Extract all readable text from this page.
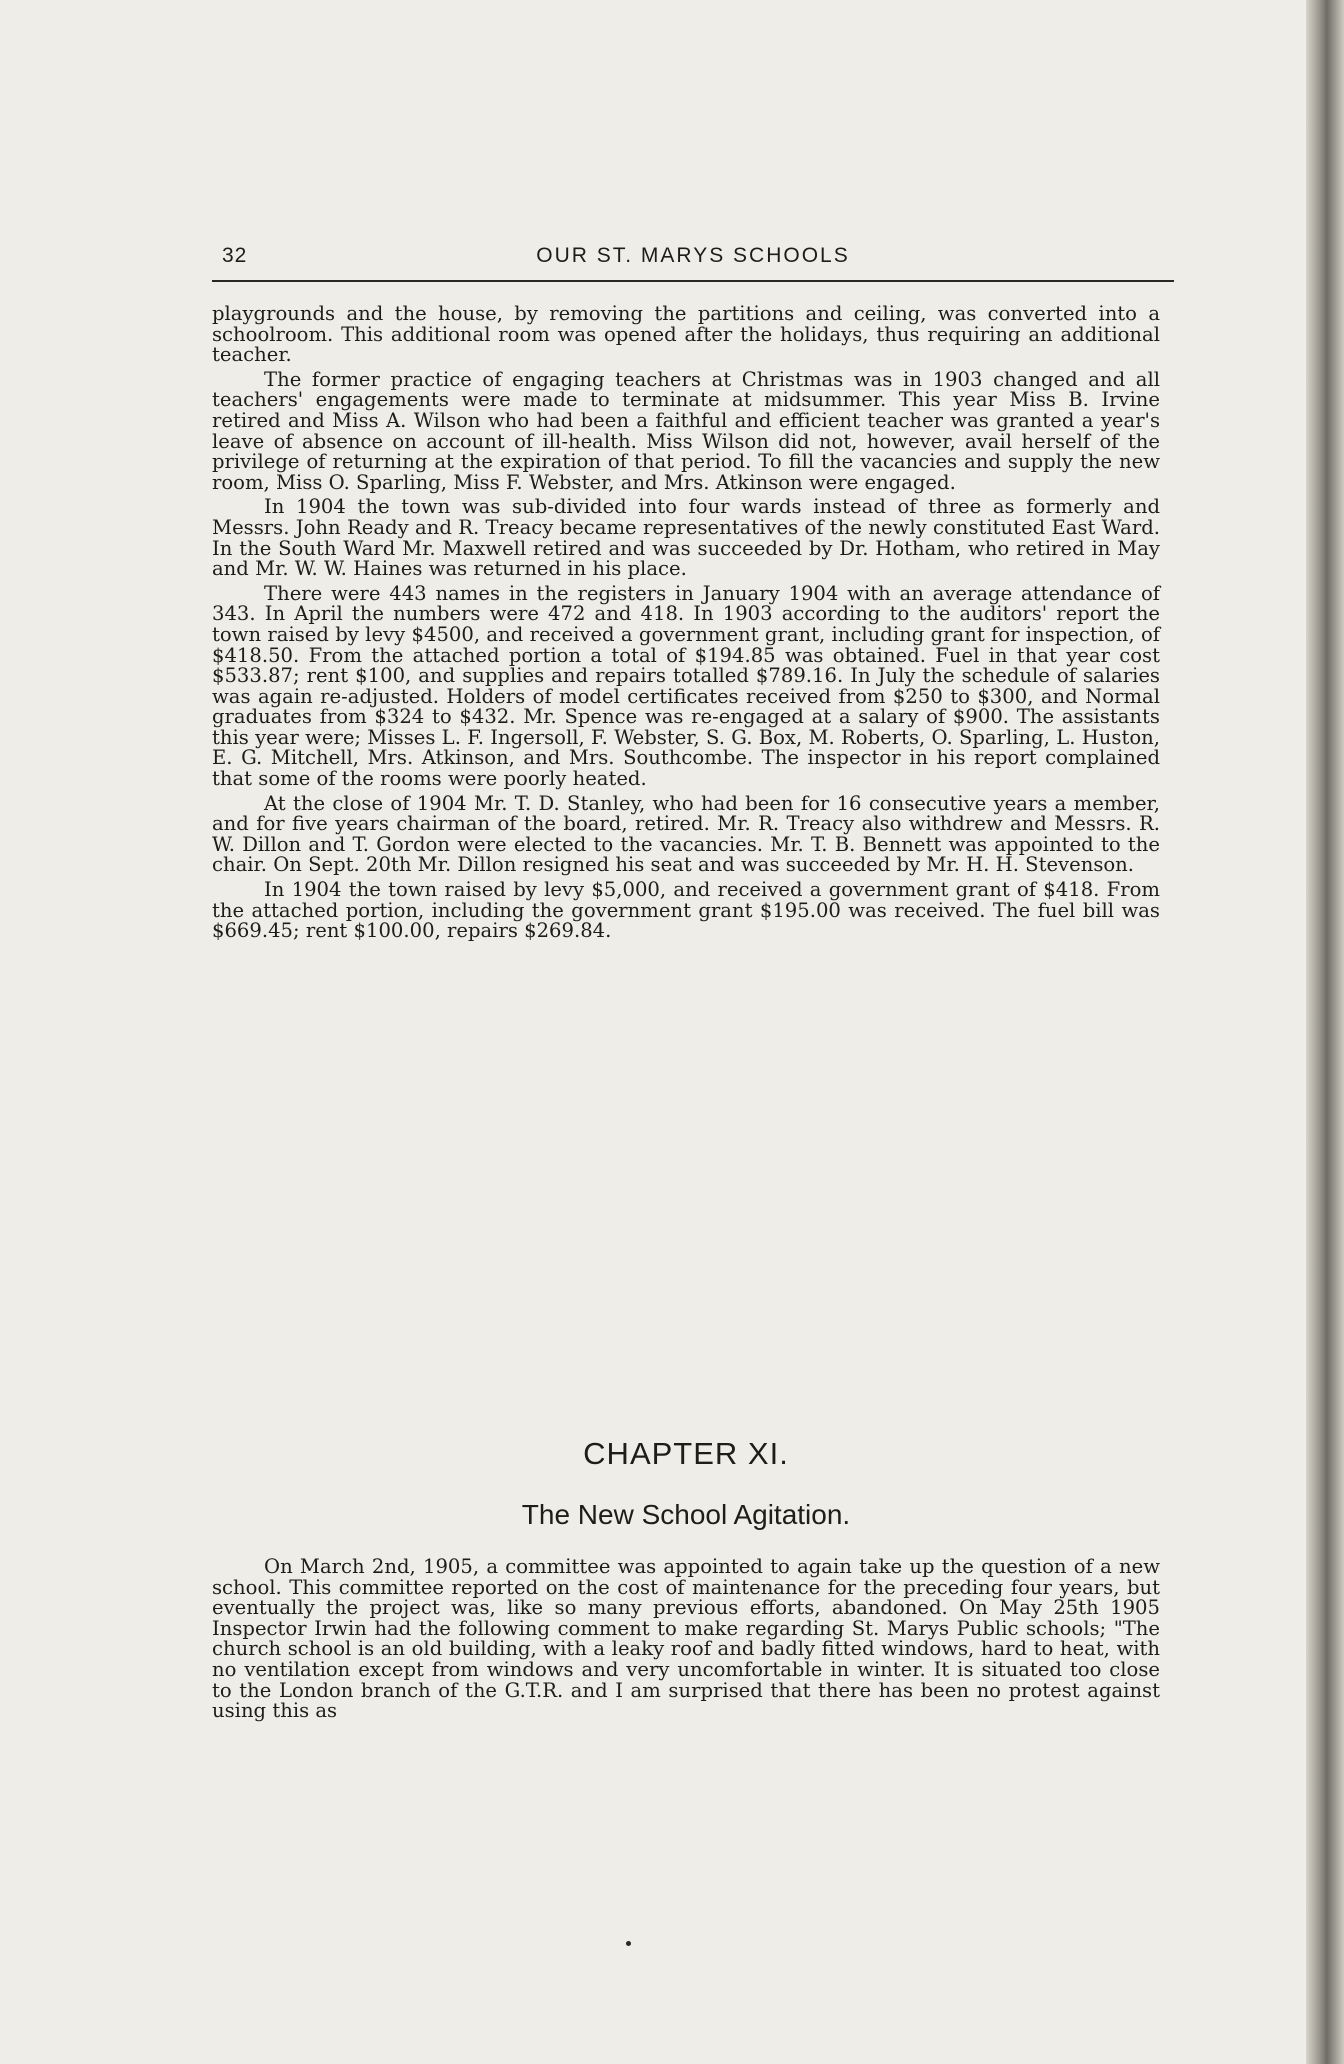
32	OUR ST. MARYS SCHOOLS

playgrounds and the house, by removing the partitions and ceiling, was converted into a schoolroom. This additional room was opened after the holidays, thus requiring an additional teacher.

The former practice of engaging teachers at Christmas was in 1903 changed and all teachers' engagements were made to terminate at midsummer. This year Miss B. Irvine retired and Miss A. Wilson who had been a faithful and efficient teacher was granted a year's leave of absence on account of ill-health. Miss Wilson did not, however, avail herself of the privilege of returning at the expiration of that period. To fill the vacancies and supply the new room, Miss O. Sparling, Miss F. Webster, and Mrs. Atkinson were engaged.

In 1904 the town was sub-divided into four wards instead of three as formerly and Messrs. John Ready and R. Treacy became representatives of the newly constituted East Ward. In the South Ward Mr. Maxwell retired and was succeeded by Dr. Hotham, who retired in May and Mr. W. W. Haines was returned in his place.

There were 443 names in the registers in January 1904 with an average attendance of 343. In April the numbers were 472 and 418. In 1903 according to the auditors' report the town raised by levy $4500, and received a government grant, including grant for inspection, of $418.50. From the attached portion a total of $194.85 was obtained. Fuel in that year cost $533.87; rent $100, and supplies and repairs totalled $789.16. In July the schedule of salaries was again re-adjusted. Holders of model certificates received from $250 to $300, and Normal graduates from $324 to $432. Mr. Spence was re-engaged at a salary of $900. The assistants this year were; Misses L. F. Ingersoll, F. Webster, S. G. Box, M. Roberts, O. Sparling, L. Huston, E. G. Mitchell, Mrs. Atkinson, and Mrs. Southcombe. The inspector in his report complained that some of the rooms were poorly heated.

At the close of 1904 Mr. T. D. Stanley, who had been for 16 consecutive years a member, and for five years chairman of the board, retired. Mr. R. Treacy also withdrew and Messrs. R. W. Dillon and T. Gordon were elected to the vacancies. Mr. T. B. Bennett was appointed to the chair. On Sept. 20th Mr. Dillon resigned his seat and was succeeded by Mr. H. H. Stevenson.

In 1904 the town raised by levy $5,000, and received a government grant of $418. From the attached portion, including the government grant $195.00 was received. The fuel bill was $669.45; rent $100.00, repairs $269.84.

CHAPTER XI.
The New School Agitation.

On March 2nd, 1905, a committee was appointed to again take up the question of a new school. This committee reported on the cost of maintenance for the preceding four years, but eventually the project was, like so many previous efforts, abandoned. On May 25th 1905 Inspector Irwin had the following comment to make regarding St. Marys Public schools; "The church school is an old building, with a leaky roof and badly fitted windows, hard to heat, with no ventilation except from windows and very uncomfortable in winter. It is situated too close to the London branch of the G.T.R. and I am surprised that there has been no protest against using this as
